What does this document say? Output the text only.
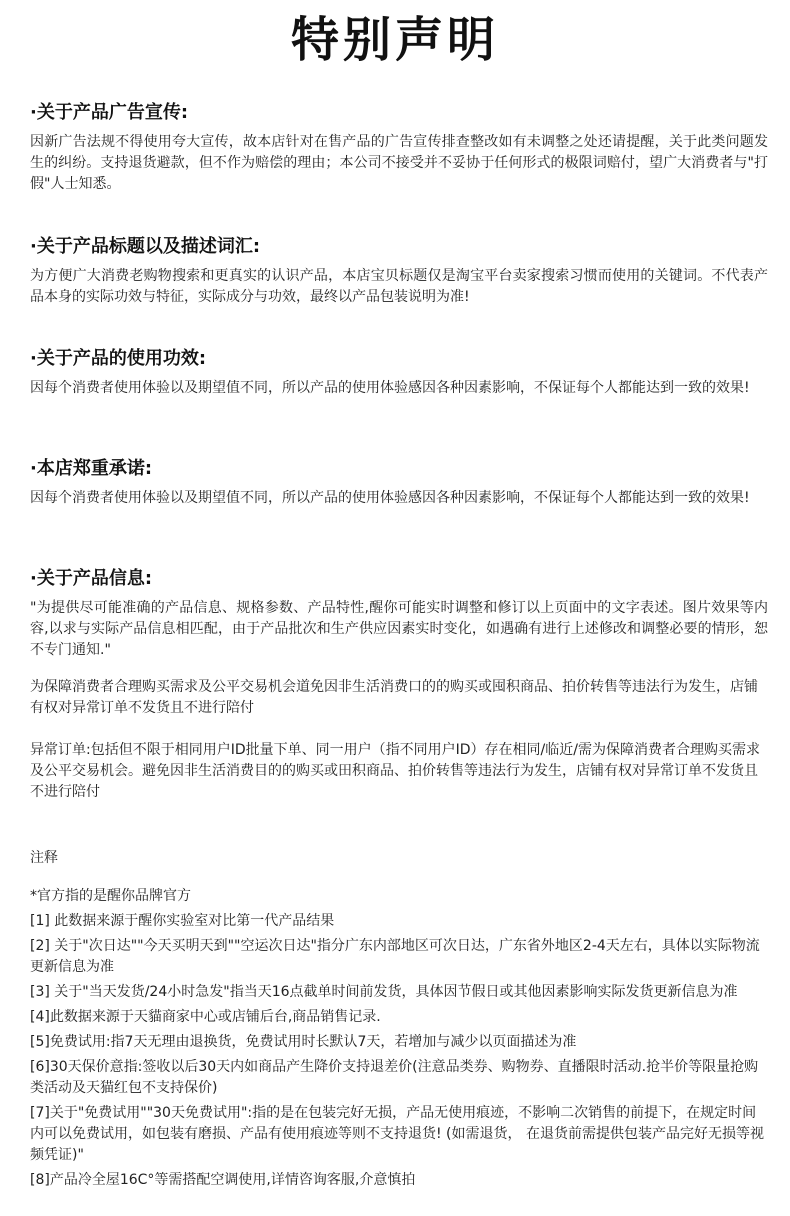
特别声明
·关于产品广告宣传:

因新广告法规不得使用夸大宣传，故本店针对在售产品的广告宣传排查整改如有未调整之处还请提醒，关于此类问题发生的纠纷。支持退货避款，但不作为赔偿的理由；本公司不接受并不妥协于任何形式的极限词赔付，望广大消费者与"打假"人士知悉。

·关于产品标题以及描述词汇:

为方便广大消费老购物搜索和更真实的认识产品，本店宝贝标题仅是淘宝平台卖家搜索习惯而使用的关键词。不代表产品本身的实际功效与特征，实际成分与功效，最终以产品包装说明为准!

·关于产品的使用功效:

因每个消费者使用体验以及期望值不同，所以产品的使用体验感因各种因素影响，不保证每个人都能达到一致的效果!

·本店郑重承诺:

因每个消费者使用体验以及期望值不同，所以产品的使用体验感因各种因素影响，不保证每个人都能达到一致的效果!

·关于产品信息:

"为提供尽可能准确的产品信息、规格参数、产品特性,醒你可能实时调整和修订以上页面中的文字表述。图片效果等内容,以求与实际产品信息相匹配，由于产品批次和生产供应因素实时变化，如遇确有进行上述修改和调整必要的情形，恕不专门通知."

为保障消费者合理购买需求及公平交易机会道免因非生活消费口的的购买或囤积商品、拍价转售等违法行为发生，店铺有权对异常订单不发货且不进行陪付

异常订单:包括但不限于相同用户ID批量下单、同一用户（指不同用户ID）存在相同/临近/需为保障消费者合理购买需求及公平交易机会。避免因非生活消费目的的购买或田积商品、拍价转售等违法行为发生，店铺有权对异常订单不发货且不进行陪付

注释
*官方指的是醒你品牌官方
[1] 此数据来源于醒你实验室对比第一代产品结果
[2] 关于"次日达""今天买明天到""空运次日达"指分广东内部地区可次日达，广东省外地区2-4天左右，具体以实际物流更新信息为准
[3] 关于"当天发货/24小时急发"指当天16点截单时间前发货，具体因节假日或其他因素影响实际发货更新信息为准
[4]此数据来源于天貓商家中心或店铺后台,商品销售记录.
[5]免费试用:指7天无理由退换货，免费试用时长默认7天，若增加与减少以页面描述为准
[6]30天保价意指:签收以后30天内如商品产生降价支持退差价(注意品类券、购物券、直播限时活动.抢半价等限量抢购类活动及天猫红包不支持保价)
[7]关于"免费试用""30天免费试用":指的是在包装完好无损，产品无使用痕迹，不影响二次销售的前提下，在规定时间内可以免费试用，如包装有磨损、产品有使用痕迹等则不支持退货! (如需退货， 在退货前需提供包装产品完好无损等视频凭证)"
[8]产品冷全屋16C°等需搭配空调使用,详情咨询客服,介意慎拍
